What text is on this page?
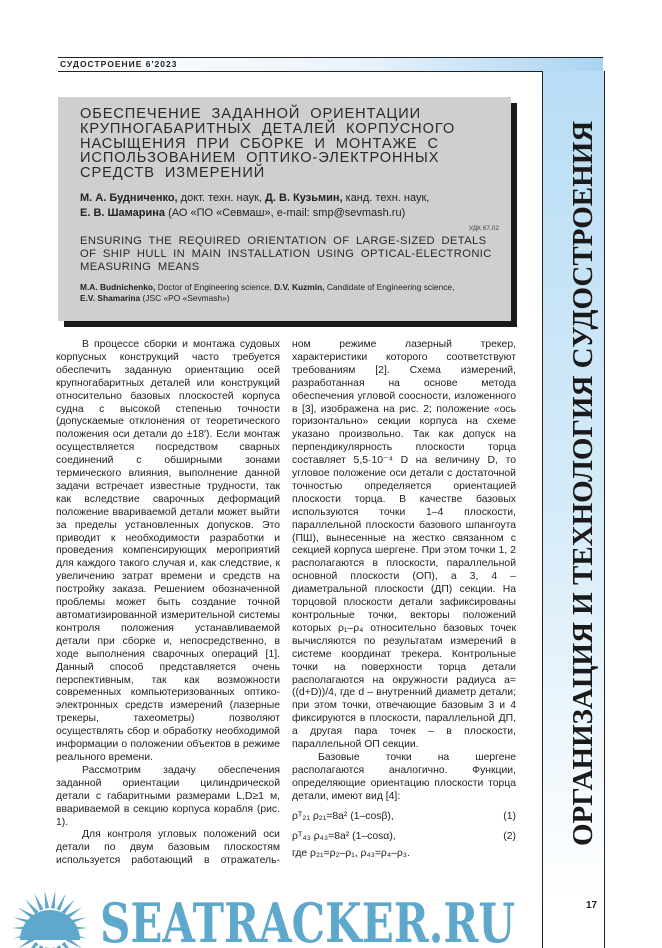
СУДОСТРОЕНИЕ 6'2023
ОРГАНИЗАЦИЯ И ТЕХНОЛОГИЯ СУДОСТРОЕНИЯ
ОБЕСПЕЧЕНИЕ ЗАДАННОЙ ОРИЕНТАЦИИ КРУПНОГАБАРИТНЫХ ДЕТАЛЕЙ КОРПУСНОГО НАСЫЩЕНИЯ ПРИ СБОРКЕ И МОНТАЖЕ С ИСПОЛЬЗОВАНИЕМ ОПТИКО-ЭЛЕКТРОННЫХ СРЕДСТВ ИЗМЕРЕНИЙ
М. А. Будниченко, докт. техн. наук, Д. В. Кузьмин, канд. техн. наук,
Е. В. Шамарина (АО «ПО «Севмаш», e-mail: smp@sevmash.ru)
УДК 67.02
ENSURING THE REQUIRED ORIENTATION OF LARGE-SIZED DETALS OF SHIP HULL IN MAIN INSTALLATION USING OPTICAL-ELECTRONIC MEASURING MEANS
M.A. Budnichenko, Doctor of Engineering science, D.V. Kuzmin, Candidate of Engineering science, E.V. Shamarina (JSC «PO «Sevmash»)

В процессе сборки и монтажа судовых корпусных конструкций часто требуется обеспечить заданную ориентацию осей крупногабаритных деталей или конструкций относительно базовых плоскостей корпуса судна с высокой степенью точности (допускаемые отклонения от теоретического положения оси детали до ±18′). Если монтаж осуществляется посредством сварных соединений с обширными зонами термического влияния, выполнение данной задачи встречает известные трудности, так как вследствие сварочных деформаций положение ввариваемой детали может выйти за пределы установленных допусков. Это приводит к необходимости разработки и проведения компенсирующих мероприятий для каждого такого случая и, как следствие, к увеличению затрат времени и средств на постройку заказа. Решением обозначенной проблемы может быть создание точной автоматизированной измерительной системы контроля положения устанавливаемой детали при сборке и, непосредственно, в ходе выполнения сварочных операций [1]. Данный способ представляется очень перспективным, так как возможности современных компьютеризованных оптико-электронных средств измерений (лазерные трекеры, тахеометры) позволяют осуществлять сбор и обработку необходимой информации о положении объектов в режиме реального времени.

Рассмотрим задачу обеспечения заданной ориентации цилиндрической детали с габаритными размерами L,D≥1 м, ввариваемой в секцию корпуса корабля (рис. 1).

Для контроля угловых положений оси детали по двум базовым плоскостям используется работающий в отражатель-

ном режиме лазерный трекер, характеристики которого соответствуют требованиям [2]. Схема измерений, разработанная на основе метода обеспечения угловой соосности, изложенного в [3], изображена на рис. 2; положение «ось горизонтально» секции корпуса на схеме указано произвольно. Так как допуск на перпендикулярность плоскости торца составляет 5,5·10⁻⁴ D на величину D, то угловое положение оси детали с достаточной точностью определяется ориентацией плоскости торца. В качестве базовых используются точки 1–4 плоскости, параллельной плоскости базового шпангоута (ПШ), вынесенные на жестко связанном с секцией корпуса шергене. При этом точки 1, 2 располагаются в плоскости, параллельной основной плоскости (ОП), а 3, 4 – диаметральной плоскости (ДП) секции. На торцовой плоскости детали зафиксированы контрольные точки, векторы положений которых ρ₁–ρ₄ относительно базовых точек вычисляются по результатам измерений в системе координат трекера. Контрольные точки на поверхности торца детали располагаются на окружности радиуса a=((d+D))/4, где d – внутренний диаметр детали; при этом точки, отвечающие базовым 3 и 4 фиксируются в плоскости, параллельной ДП, а другая пара точек – в плоскости, параллельной ОП секции.

Базовые точки на шергене располагаются аналогично. Функции, определяющие ориентацию плоскости торца детали, имеют вид [4]:

ρᵀ₂₁ ρ₂₁=8a² (1–cosβ),	(1)
ρᵀ₄₃ ρ₄₃=8a² (1–cosα),	(2)

где ρ₂₁=ρ₂–ρ₁, ρ₄₃=ρ₄–ρ₃.

SEATRACKER.RU	17
